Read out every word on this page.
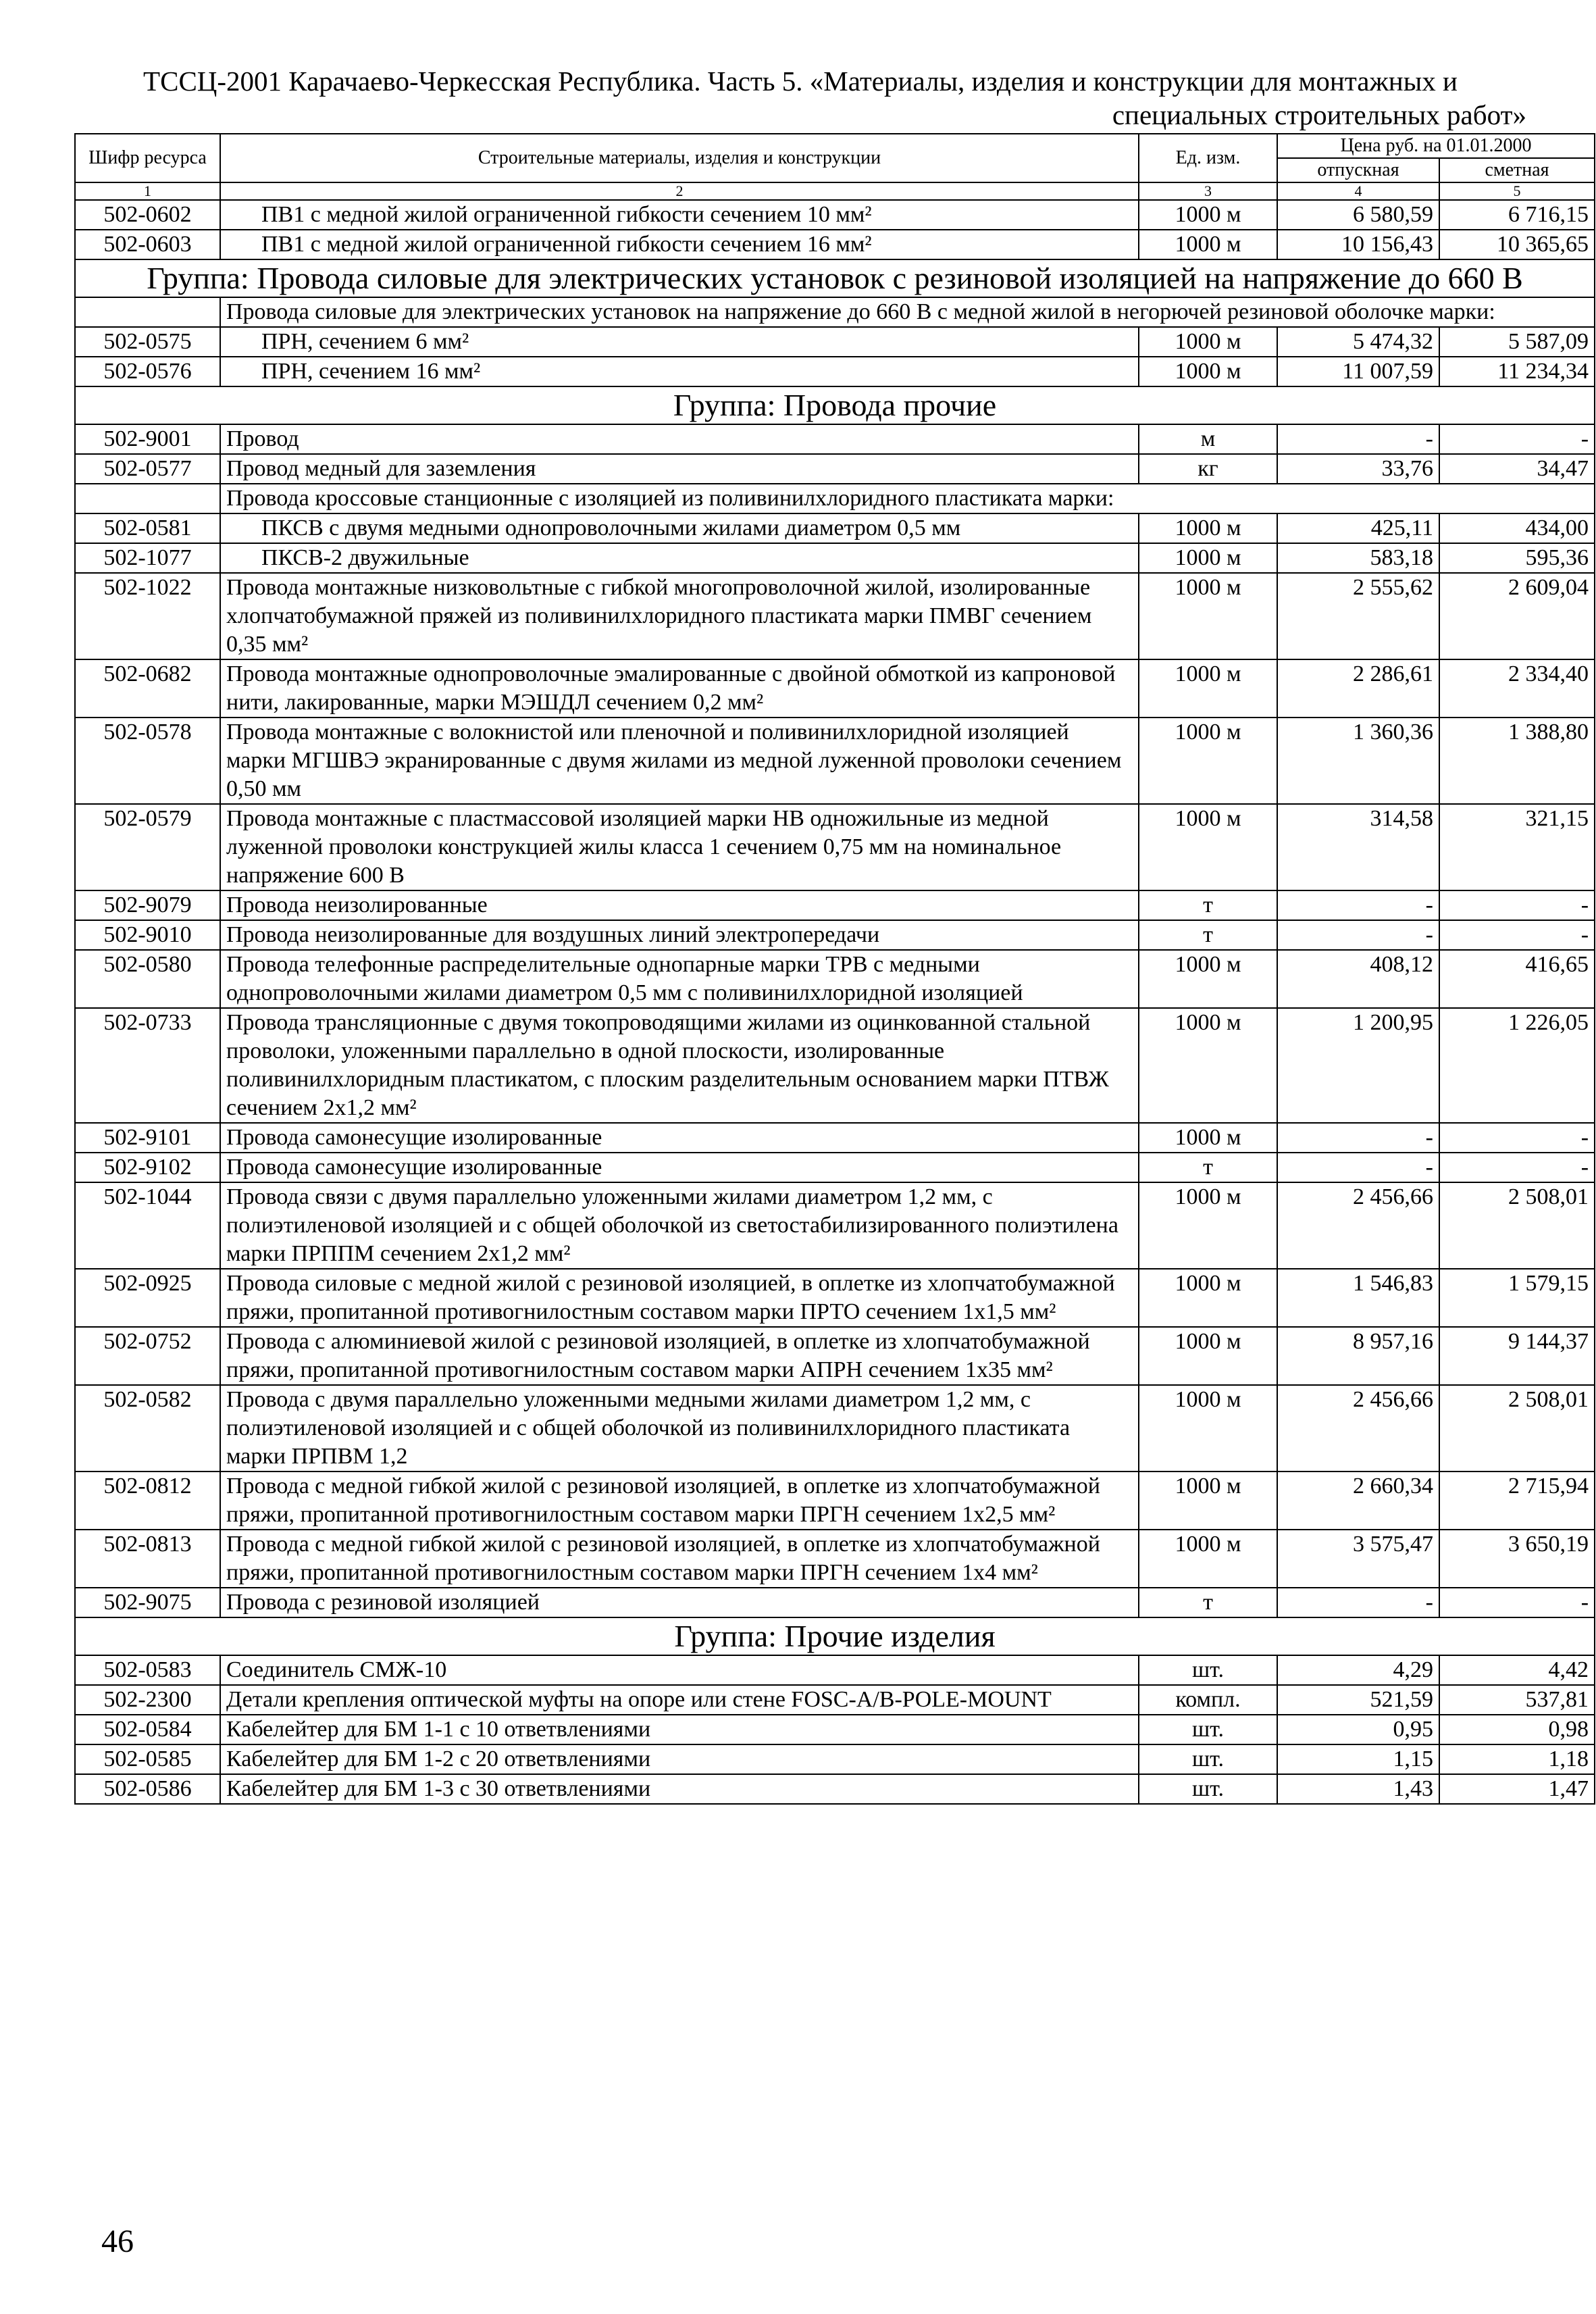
ТССЦ-2001 Карачаево-Черкесская Республика. Часть 5. «Материалы, изделия и конструкции для монтажных и
специальных строительных работ»
Шифр ресурса	Строительные материалы, изделия и конструкции	Ед. изм.	Цена руб. на 01.01.2000	
			отпускная	сметная
1	2	3	4	5
502-0602	ПВ1 с медной жилой ограниченной гибкости сечением 10 мм²	1000 м	6 580,59	6 716,15
502-0603	ПВ1 с медной жилой ограниченной гибкости сечением 16 мм²	1000 м	10 156,43	10 365,65
Группа: Провода силовые для электрических установок с резиновой изоляцией на напряжение до 660 В				
	Провода силовые для электрических установок на напряжение до 660 В с медной жилой в негорючей резиновой оболочке марки:			
502-0575	ПРН, сечением 6 мм²	1000 м	5 474,32	5 587,09
502-0576	ПРН, сечением 16 мм²	1000 м	11 007,59	11 234,34
Группа: Провода прочие				
502-9001	Провод	м	-	-
502-0577	Провод медный для заземления	кг	33,76	34,47
	Провода кроссовые станционные с изоляцией из поливинилхлоридного пластиката марки:			
502-0581	ПКСВ с двумя медными однопроволочными жилами диаметром 0,5 мм	1000 м	425,11	434,00
502-1077	ПКСВ-2 двужильные	1000 м	583,18	595,36
502-1022	Провода монтажные низковольтные с гибкой многопроволочной жилой, изолированные хлопчатобумажной пряжей из поливинилхлоридного пластиката марки ПМВГ сечением 0,35 мм²	1000 м	2 555,62	2 609,04
502-0682	Провода монтажные однопроволочные эмалированные с двойной обмоткой из капроновой нити, лакированные, марки МЭШДЛ сечением 0,2 мм²	1000 м	2 286,61	2 334,40
502-0578	Провода монтажные с волокнистой или пленочной и поливинилхлоридной изоляцией марки МГШВЭ экранированные с двумя жилами из медной луженной проволоки сечением 0,50 мм	1000 м	1 360,36	1 388,80
502-0579	Провода монтажные с пластмассовой изоляцией марки НВ одножильные из медной луженной проволоки конструкцией жилы класса 1 сечением 0,75 мм на номинальное напряжение 600 В	1000 м	314,58	321,15
502-9079	Провода неизолированные	т	-	-
502-9010	Провода неизолированные для воздушных линий электропередачи	т	-	-
502-0580	Провода телефонные распределительные однопарные марки ТРВ с медными однопроволочными жилами диаметром 0,5 мм с поливинилхлоридной изоляцией	1000 м	408,12	416,65
502-0733	Провода трансляционные с двумя токопроводящими жилами из оцинкованной стальной проволоки, уложенными параллельно в одной плоскости, изолированные поливинилхлоридным пластикатом, с плоским разделительным основанием марки ПТВЖ сечением 2х1,2 мм²	1000 м	1 200,95	1 226,05
502-9101	Провода самонесущие изолированные	1000 м	-	-
502-9102	Провода самонесущие изолированные	т	-	-
502-1044	Провода связи с двумя параллельно уложенными жилами диаметром 1,2 мм, с полиэтиленовой изоляцией и с общей оболочкой из светостабилизированного полиэтилена марки ПРППМ сечением 2х1,2 мм²	1000 м	2 456,66	2 508,01
502-0925	Провода силовые с медной жилой с резиновой изоляцией, в оплетке из хлопчатобумажной пряжи, пропитанной противогнилостным составом марки ПРТО сечением 1х1,5 мм²	1000 м	1 546,83	1 579,15
502-0752	Провода с алюминиевой жилой с резиновой изоляцией, в оплетке из хлопчатобумажной пряжи, пропитанной противогнилостным составом марки АПРН сечением 1х35 мм²	1000 м	8 957,16	9 144,37
502-0582	Провода с двумя параллельно уложенными медными жилами диаметром 1,2 мм, с полиэтиленовой изоляцией и с общей оболочкой из поливинилхлоридного пластиката марки ПРПВМ 1,2	1000 м	2 456,66	2 508,01
502-0812	Провода с медной гибкой жилой с резиновой изоляцией, в оплетке из хлопчатобумажной пряжи, пропитанной противогнилостным составом марки ПРГН сечением 1х2,5 мм²	1000 м	2 660,34	2 715,94
502-0813	Провода с медной гибкой жилой с резиновой изоляцией, в оплетке из хлопчатобумажной пряжи, пропитанной противогнилостным составом марки ПРГН сечением 1х4 мм²	1000 м	3 575,47	3 650,19
502-9075	Провода с резиновой изоляцией	т	-	-
Группа: Прочие изделия				
502-0583	Соединитель СМЖ-10	шт.	4,29	4,42
502-2300	Детали крепления оптической муфты на опоре или стене FOSC-A/B-POLE-MOUNT	компл.	521,59	537,81
502-0584	Кабелейтер для БМ 1-1 с 10 ответвлениями	шт.	0,95	0,98
502-0585	Кабелейтер для БМ 1-2 с 20 ответвлениями	шт.	1,15	1,18
502-0586	Кабелейтер для БМ 1-3 с 30 ответвлениями	шт.	1,43	1,47
46
